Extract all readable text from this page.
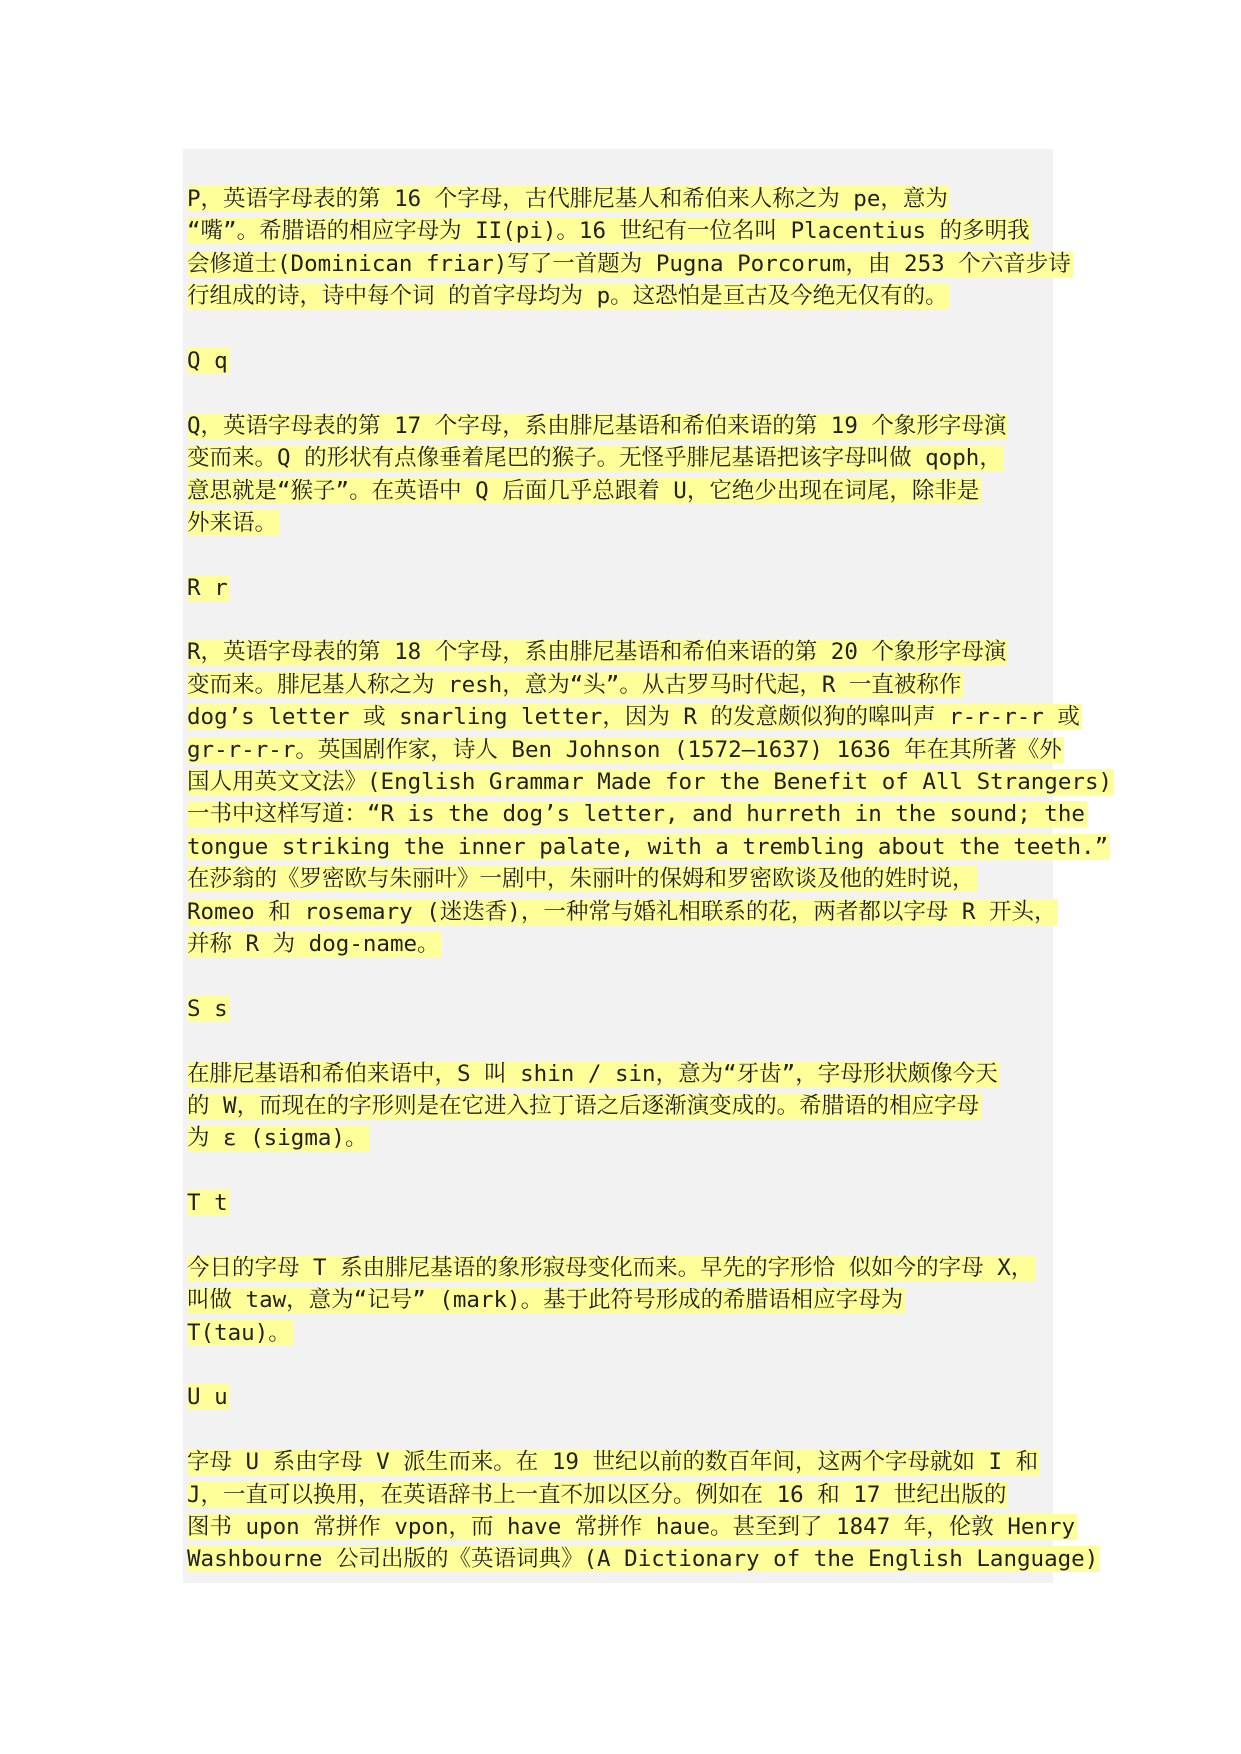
P，英语字母表的第 16 个字母，古代腓尼基人和希伯来人称之为 pe，意为
“嘴”。希腊语的相应字母为 II(pi)。16 世纪有一位名叫 Placentius 的多明我
会修道士(Dominican friar)写了一首题为 Pugna Porcorum，由 253 个六音步诗
行组成的诗，诗中每个词 的首字母均为 p。这恐怕是亘古及今绝无仅有的。
Q q
Q，英语字母表的第 17 个字母，系由腓尼基语和希伯来语的第 19 个象形字母演
变而来。Q 的形状有点像垂着尾巴的猴子。无怪乎腓尼基语把该字母叫做 qoph，
意思就是“猴子”。在英语中 Q 后面几乎总跟着 U，它绝少出现在词尾，除非是
外来语。
R r
R，英语字母表的第 18 个字母，系由腓尼基语和希伯来语的第 20 个象形字母演
变而来。腓尼基人称之为 resh，意为“头”。从古罗马时代起，R 一直被称作
dog’s letter 或 snarling letter，因为 R 的发意颇似狗的嗥叫声 r-r-r-r 或
gr-r-r-r。英国剧作家，诗人 Ben Johnson (1572—1637) 1636 年在其所著《外
国人用英文文法》(English Grammar Made for the Benefit of All Strangers)
一书中这样写道：“R is the dog’s letter, and hurreth in the sound; the
tongue striking the inner palate, with a trembling about the teeth.”
在莎翁的《罗密欧与朱丽叶》一剧中，朱丽叶的保姆和罗密欧谈及他的姓时说，
Romeo 和 rosemary (迷迭香)，一种常与婚礼相联系的花，两者都以字母 R 开头，
并称 R 为 dog-name。
S s
在腓尼基语和希伯来语中，S 叫 shin / sin，意为“牙齿”，字母形状颇像今天
的 W，而现在的字形则是在它进入拉丁语之后逐渐演变成的。希腊语的相应字母
为 ε (sigma)。
T t
今日的字母 T 系由腓尼基语的象形寂母变化而来。早先的字形恰 似如今的字母 X，
叫做 taw，意为“记号” (mark)。基于此符号形成的希腊语相应字母为
T(tau)。
U u
字母 U 系由字母 V 派生而来。在 19 世纪以前的数百年间，这两个字母就如 I 和
J，一直可以换用，在英语辞书上一直不加以区分。例如在 16 和 17 世纪出版的
图书 upon 常拼作 vpon，而 have 常拼作 haue。甚至到了 1847 年，伦敦 Henry
Washbourne 公司出版的《英语词典》(A Dictionary of the English Language)
